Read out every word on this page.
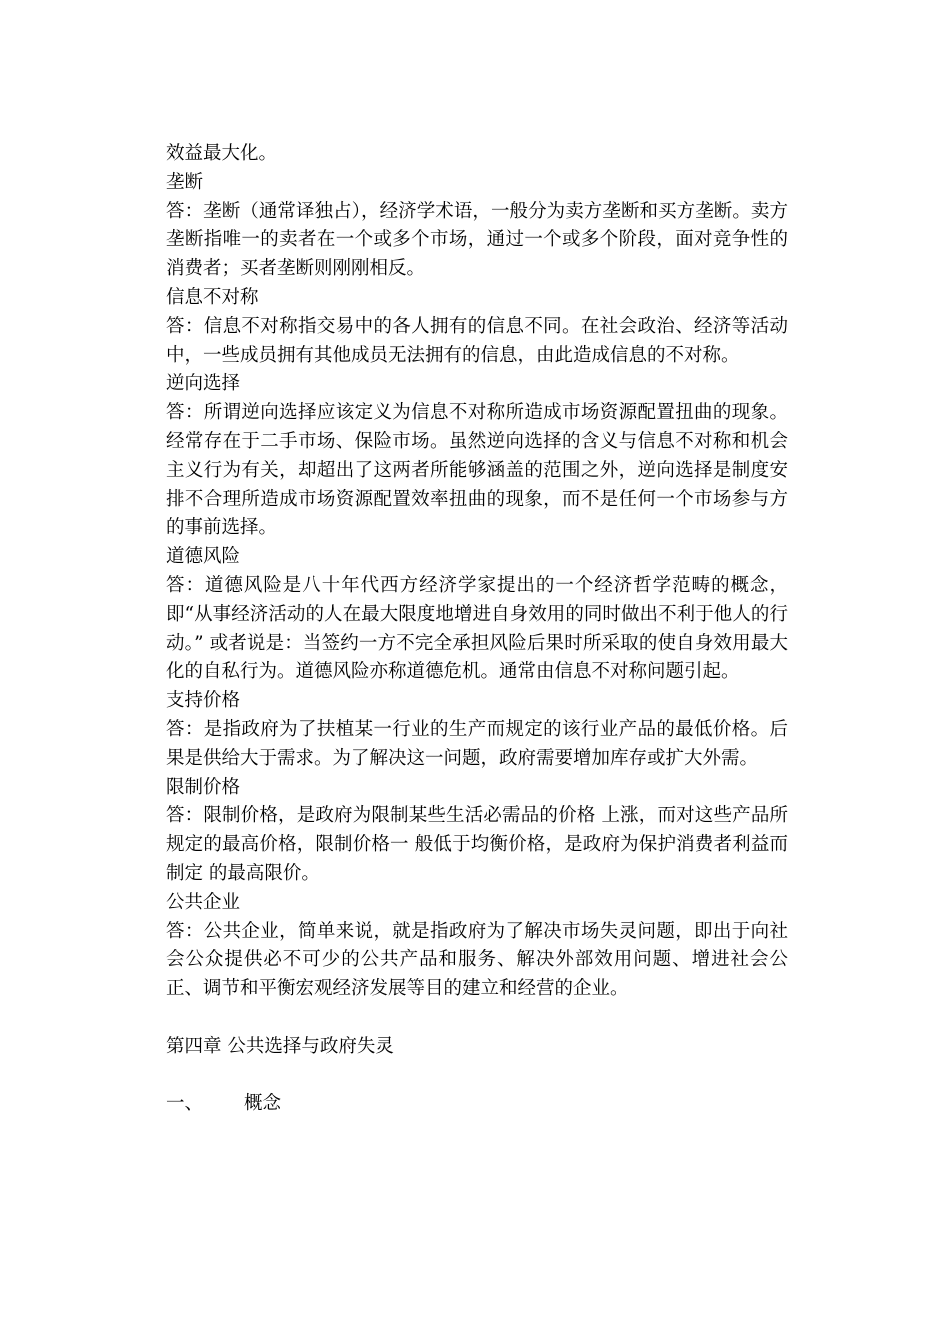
效益最大化。

垄断

答：垄断（通常译独占），经济学术语，一般分为卖方垄断和买方垄断。卖方垄断指唯一的卖者在一个或多个市场，通过一个或多个阶段，面对竞争性的消费者；买者垄断则刚刚相反。

信息不对称

答：信息不对称指交易中的各人拥有的信息不同。在社会政治、经济等活动中，一些成员拥有其他成员无法拥有的信息，由此造成信息的不对称。

逆向选择

答：所谓逆向选择应该定义为信息不对称所造成市场资源配置扭曲的现象。经常存在于二手市场、保险市场。虽然逆向选择的含义与信息不对称和机会主义行为有关，却超出了这两者所能够涵盖的范围之外，逆向选择是制度安排不合理所造成市场资源配置效率扭曲的现象，而不是任何一个市场参与方的事前选择。

道德风险

答：道德风险是八十年代西方经济学家提出的一个经济哲学范畴的概念，即“从事经济活动的人在最大限度地增进自身效用的同时做出不利于他人的行动。” 或者说是：当签约一方不完全承担风险后果时所采取的使自身效用最大化的自私行为。道德风险亦称道德危机。通常由信息不对称问题引起。

支持价格

答：是指政府为了扶植某一行业的生产而规定的该行业产品的最低价格。后果是供给大于需求。为了解决这一问题，政府需要增加库存或扩大外需。

限制价格

答：限制价格，是政府为限制某些生活必需品的价格 上涨，而对这些产品所规定的最高价格，限制价格一 般低于均衡价格，是政府为保护消费者利益而制定 的最高限价。

公共企业

答：公共企业，简单来说，就是指政府为了解决市场失灵问题，即出于向社会公众提供必不可少的公共产品和服务、解决外部效用问题、增进社会公正、调节和平衡宏观经济发展等目的建立和经营的企业。

第四章 公共选择与政府失灵

一、	概念
